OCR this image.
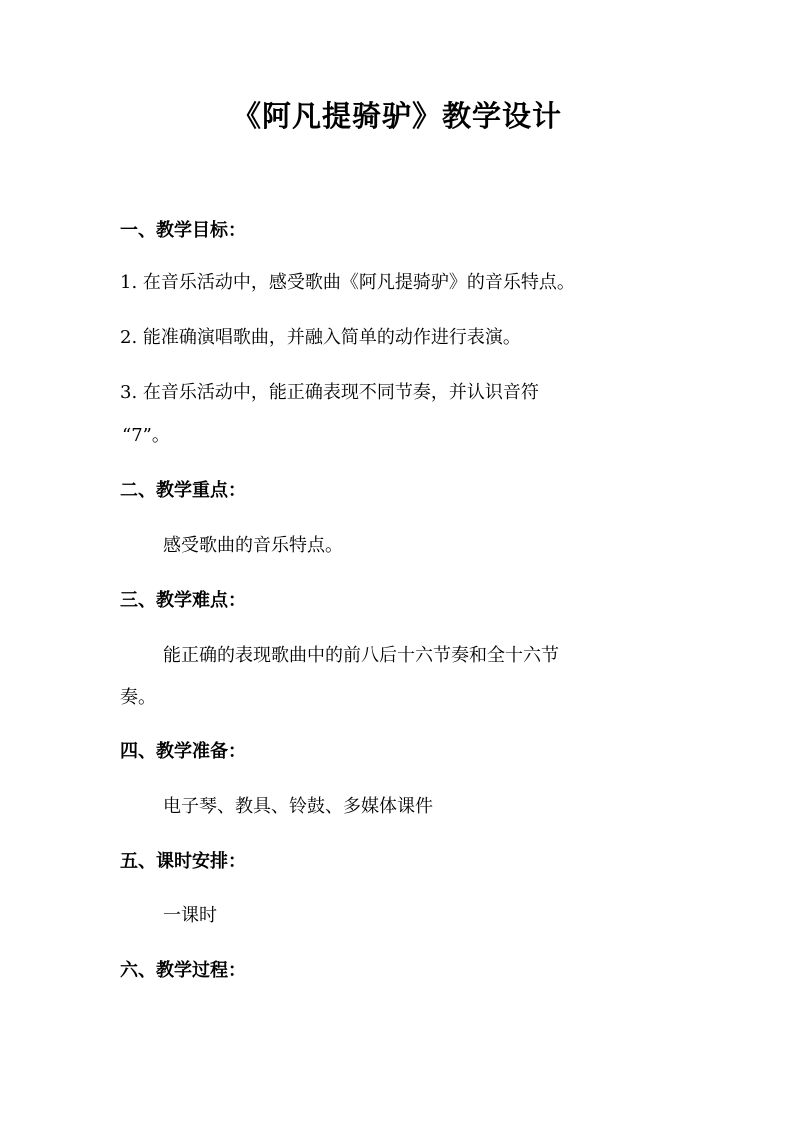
《阿凡提骑驴》教学设计
一、教学目标：
1. 在音乐活动中，感受歌曲《阿凡提骑驴》的音乐特点。
2. 能准确演唱歌曲，并融入简单的动作进行表演。
3. 在音乐活动中，能正确表现不同节奏，并认识音符
“7”。
二、教学重点：
感受歌曲的音乐特点。
三、教学难点：
能正确的表现歌曲中的前八后十六节奏和全十六节
奏。
四、教学准备：
电子琴、教具、铃鼓、多媒体课件
五、课时安排：
一课时
六、教学过程：
